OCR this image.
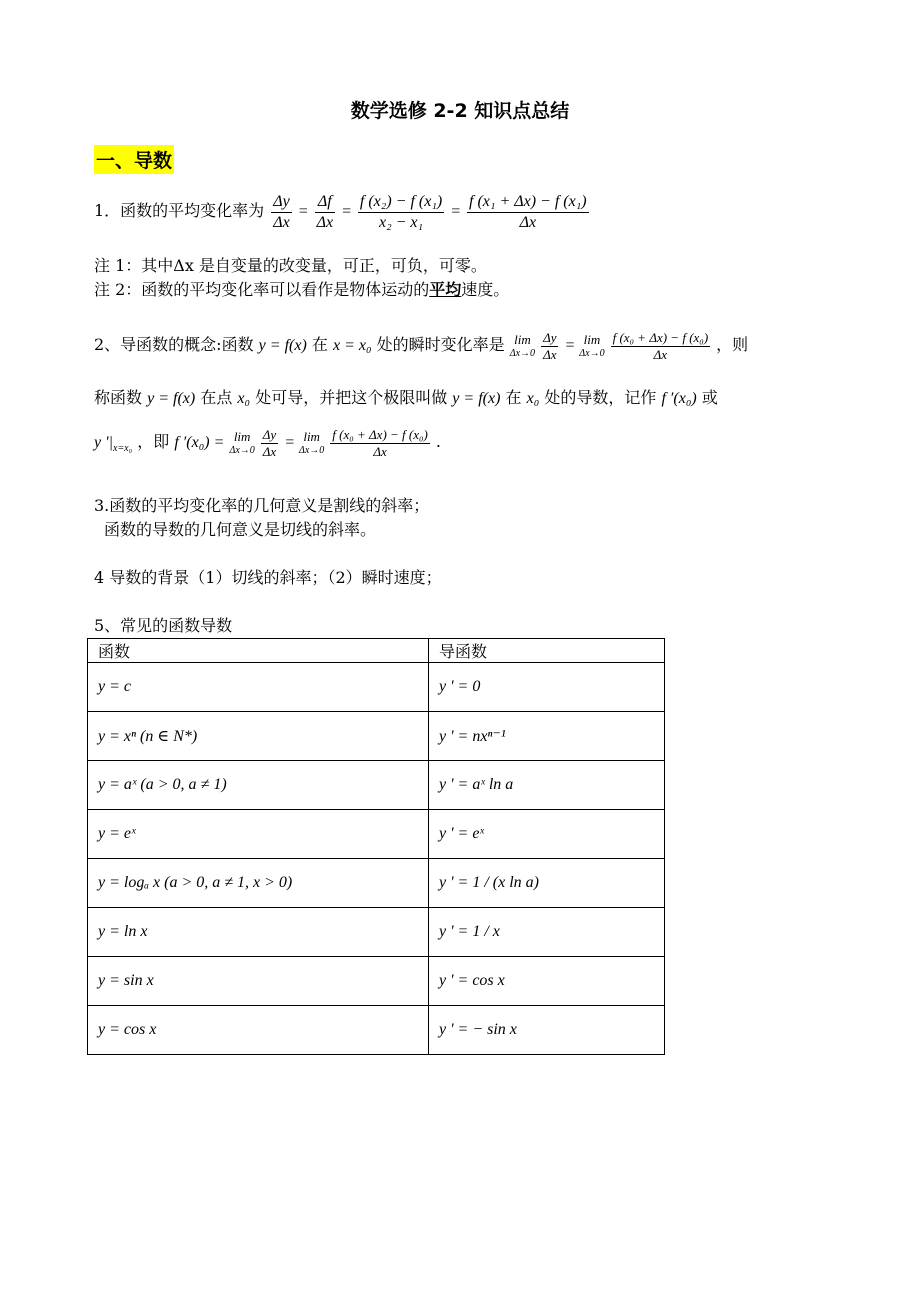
数学选修 2-2 知识点总结
一、导数
1．函数的平均变化率为 $\frac{\Delta y}{\Delta x} = \frac{\Delta f}{\Delta x} = \frac{\text{f (x₂) − f (x₁)}}{\text{x₂ − x₁}} = \frac{\text{f (x₁ + Δx) − f (x₁)}}{\Delta x}$
注 1：其中Δx 是自变量的改变量，可正，可负，可零。
注 2：函数的平均变化率可以看作是物体运动的平均速度。
2、导函数的概念:函数 y = f(x) 在 x = x₀ 处的瞬时变化率是 lim
Δx→0
$\frac{\Delta y}{\Delta x} = \lim$
Δx→0
$\frac{\text{f (x₀ + Δx) − f (x₀)}}{\Delta x}$ ，则
称函数 y = f(x) 在点 x₀ 处可导，并把这个极限叫做 y = f(x) 在 x₀ 处的导数，记作 f ′(x₀) 或
y $'|_{x=x_0}$ ，即 f ′(x₀) = lim
Δx→0
$\frac{\Delta y}{\Delta x} = \lim$
Δx→0
$\frac{\text{f (x₀ + Δx) − f (x₀)}}{\Delta x}$ .
3.函数的平均变化率的几何意义是割线的斜率；
函数的导数的几何意义是切线的斜率。
4 导数的背景（1）切线的斜率；（2）瞬时速度；
5、常见的函数导数
函数	导函数
y = c	y ' = 0
y = xⁿ (n ∈ N*)	y ' = nxⁿ⁻¹
y = aˣ (a > 0, a ≠ 1)	y ' = aˣ ln a
y = eˣ	y ' = eˣ
y = logₐ x (a > 0, a ≠ 1, x > 0)	y ' = 1 / (x ln a)
y = ln x	y ' = 1 / x
y = sin x	y ' = cos x
y = cos x	y ' = − sin x
